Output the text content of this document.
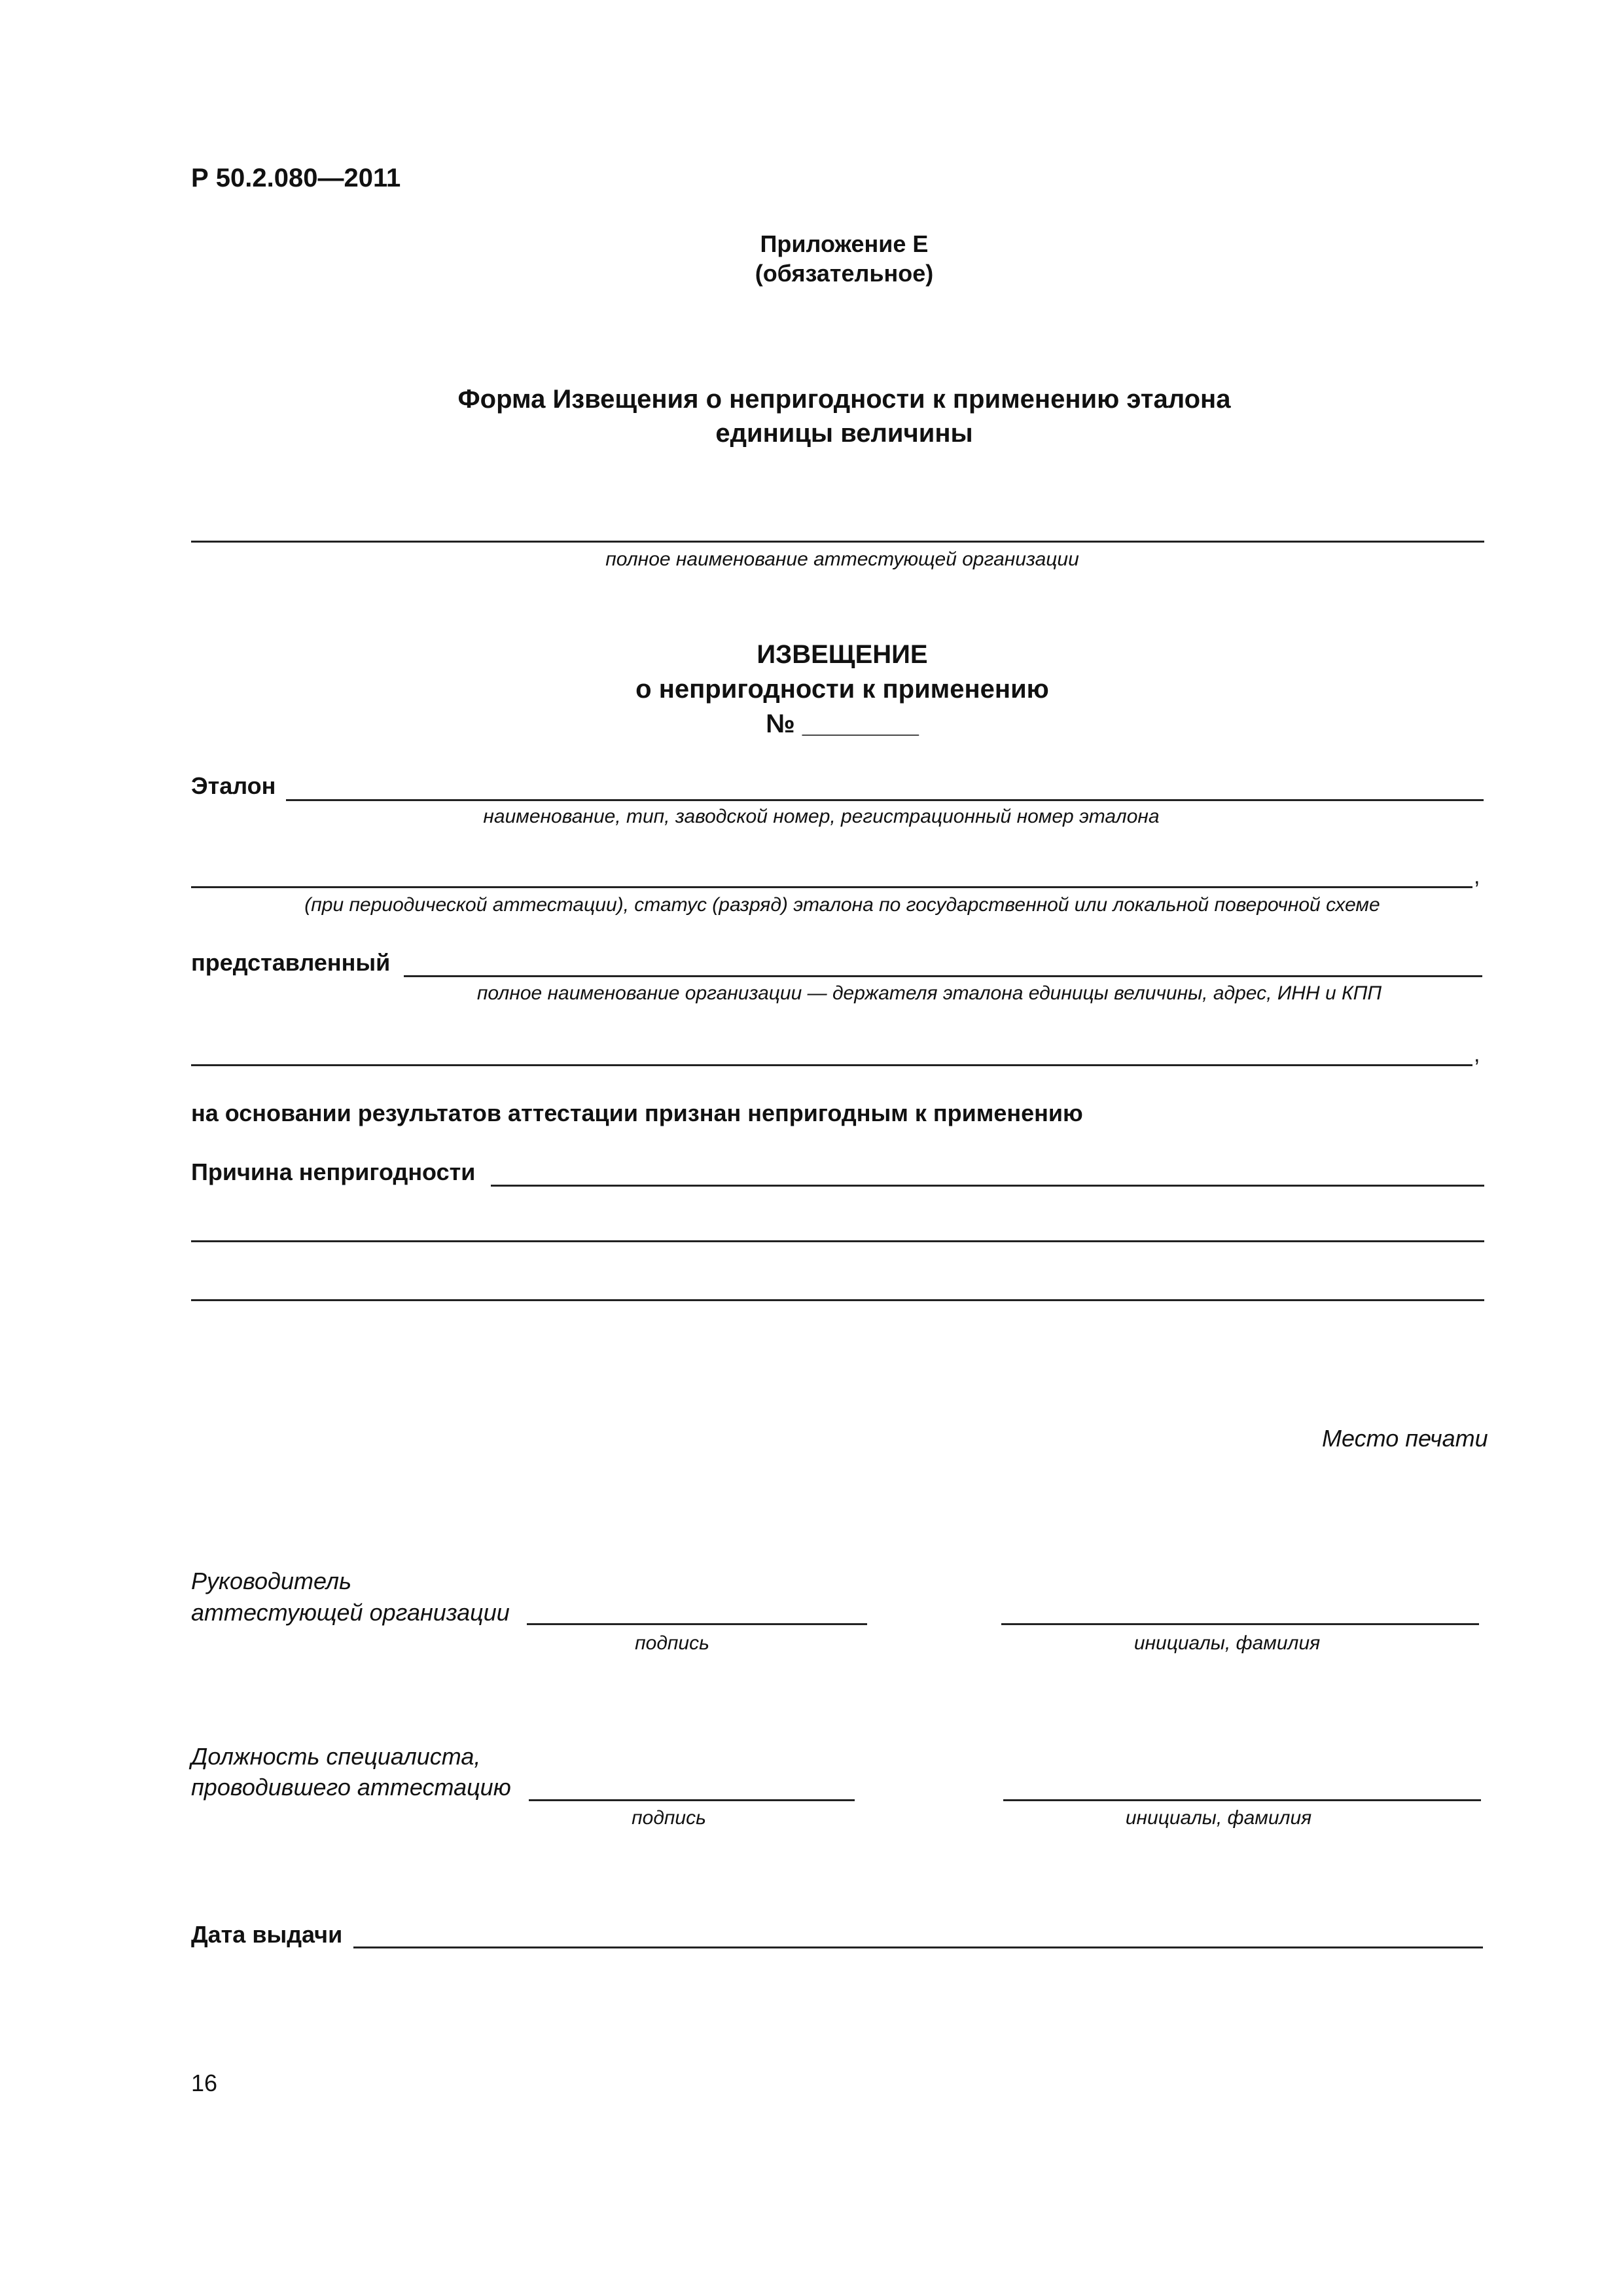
Р 50.2.080—2011
Приложение Е
(обязательное)
Форма Извещения о непригодности к применению эталона
единицы величины
полное наименование аттестующей организации
ИЗВЕЩЕНИЕ
о непригодности к применению
№ ________
Эталон
наименование, тип, заводской номер, регистрационный номер эталона
,
(при периодической аттестации), статус (разряд) эталона по государственной или локальной поверочной схеме
представленный
полное наименование организации — держателя эталона единицы величины, адрес, ИНН и КПП
,
на основании результатов аттестации признан непригодным к применению
Причина непригодности
Место печати
Руководитель
аттестующей организации
подпись	инициалы, фамилия
Должность специалиста,
проводившего аттестацию
подпись	инициалы, фамилия
Дата выдачи
16
